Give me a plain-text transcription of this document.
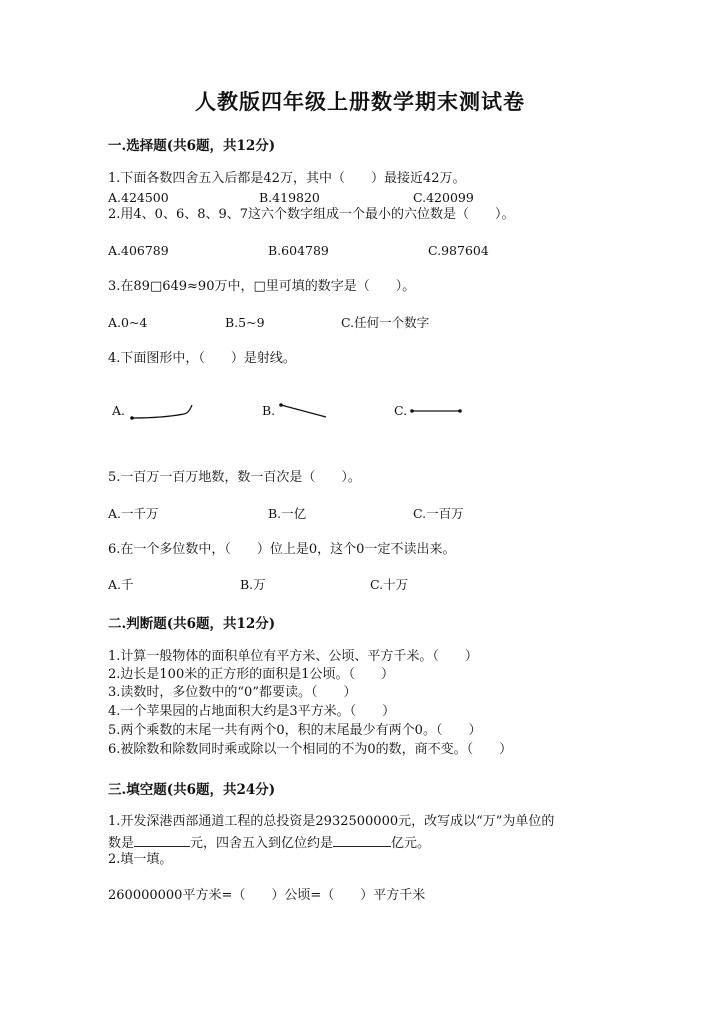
人教版四年级上册数学期末测试卷
一.选择题(共6题，共12分)
1.下面各数四舍五入后都是42万，其中（　　）最接近42万。
A.424500	B.419820	C.420099
2.用4、0、6、8、9、7这六个数字组成一个最小的六位数是（　　）。
A.406789	B.604789	C.987604
3.在89□649≈90万中，□里可填的数字是（　　）。
A.0~4	B.5~9	C.任何一个数字
4.下面图形中，（　　）是射线。
A.	B.	C.
5.一百万一百万地数，数一百次是（　　）。
A.一千万	B.一亿	C.一百万
6.在一个多位数中，（　　）位上是0，这个0一定不读出来。
A.千	B.万	C.十万
二.判断题(共6题，共12分)
1.计算一般物体的面积单位有平方米、公顷、平方千米。（　　）
2.边长是100米的正方形的面积是1公顷。（　　）
3.读数时，多位数中的“0”都要读。（　　）
4.一个苹果园的占地面积大约是3平方米。（　　）
5.两个乘数的末尾一共有两个0，积的末尾最少有两个0。（　　）
6.被除数和除数同时乘或除以一个相同的不为0的数，商不变。（　　）
三.填空题(共6题，共24分)
1.开发深港西部通道工程的总投资是2932500000元，改写成以“万”为单位的
数是	元，四舍五入到亿位约是	亿元。
2.填一填。
260000000平方米=（　　）公顷=（　　）平方千米
